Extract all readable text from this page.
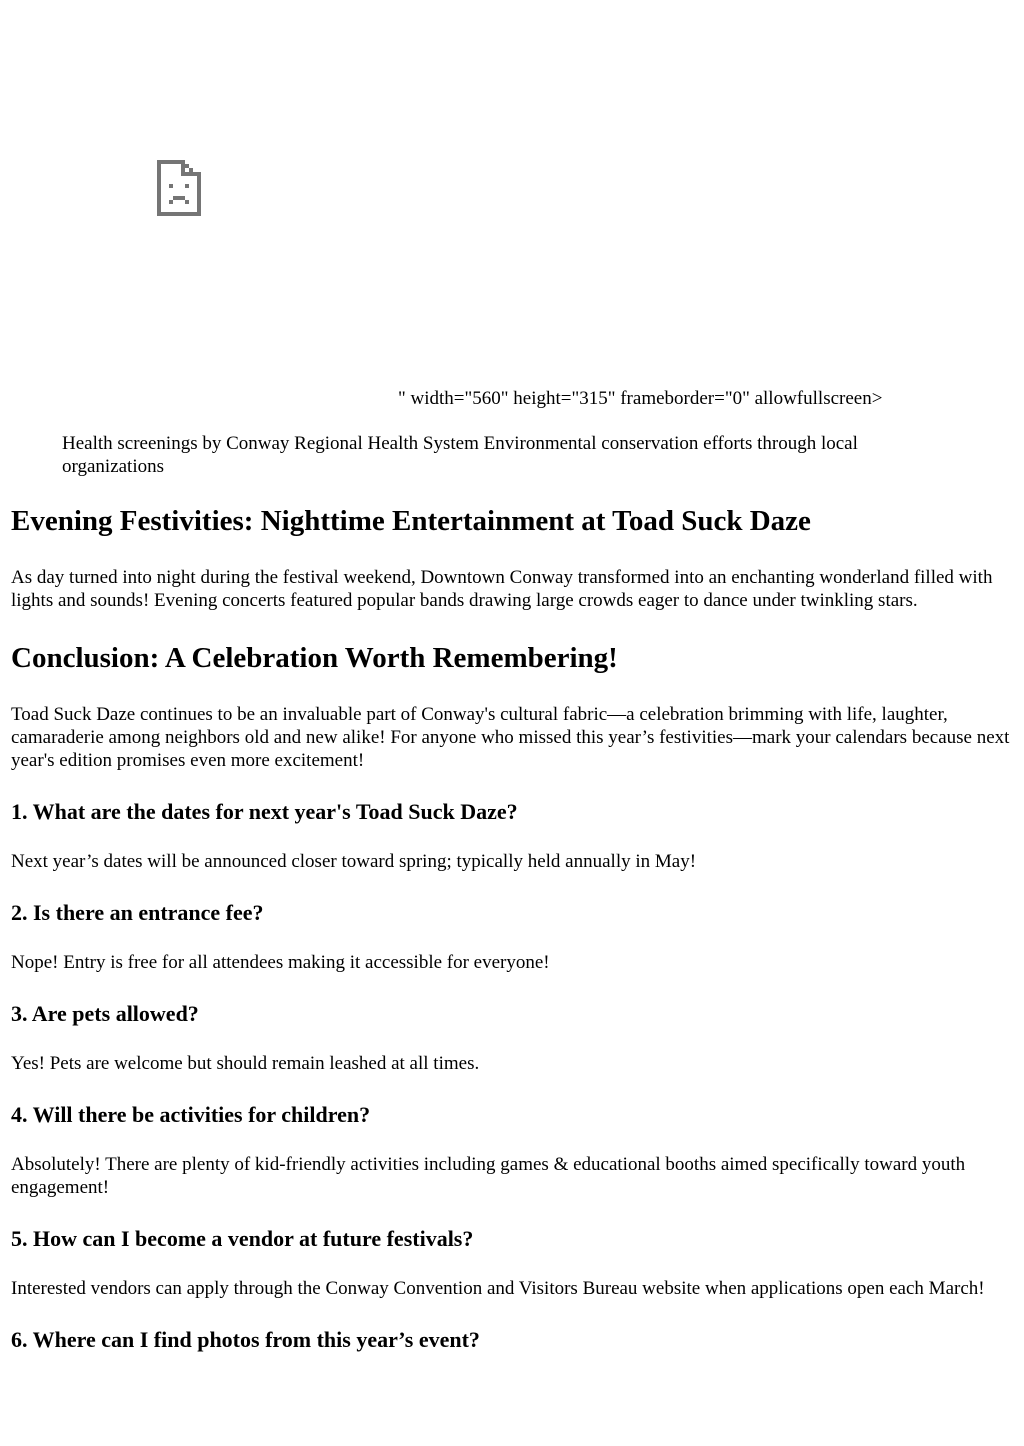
" width="560" height="315" frameborder="0" allowfullscreen>
Health screenings by Conway Regional Health System Environmental conservation efforts through local organizations
Evening Festivities: Nighttime Entertainment at Toad Suck Daze

As day turned into night during the festival weekend, Downtown Conway transformed into an enchanting wonderland filled with lights and sounds! Evening concerts featured popular bands drawing large crowds eager to dance under twinkling stars.

Conclusion: A Celebration Worth Remembering!

Toad Suck Daze continues to be an invaluable part of Conway's cultural fabric—a celebration brimming with life, laughter, camaraderie among neighbors old and new alike! For anyone who missed this year’s festivities—mark your calendars because next year's edition promises even more excitement!

1. What are the dates for next year's Toad Suck Daze?

Next year’s dates will be announced closer toward spring; typically held annually in May!

2. Is there an entrance fee?

Nope! Entry is free for all attendees making it accessible for everyone!

3. Are pets allowed?

Yes! Pets are welcome but should remain leashed at all times.

4. Will there be activities for children?

Absolutely! There are plenty of kid-friendly activities including games & educational booths aimed specifically toward youth engagement!

5. How can I become a vendor at future festivals?

Interested vendors can apply through the Conway Convention and Visitors Bureau website when applications open each March!

6. Where can I find photos from this year’s event?
